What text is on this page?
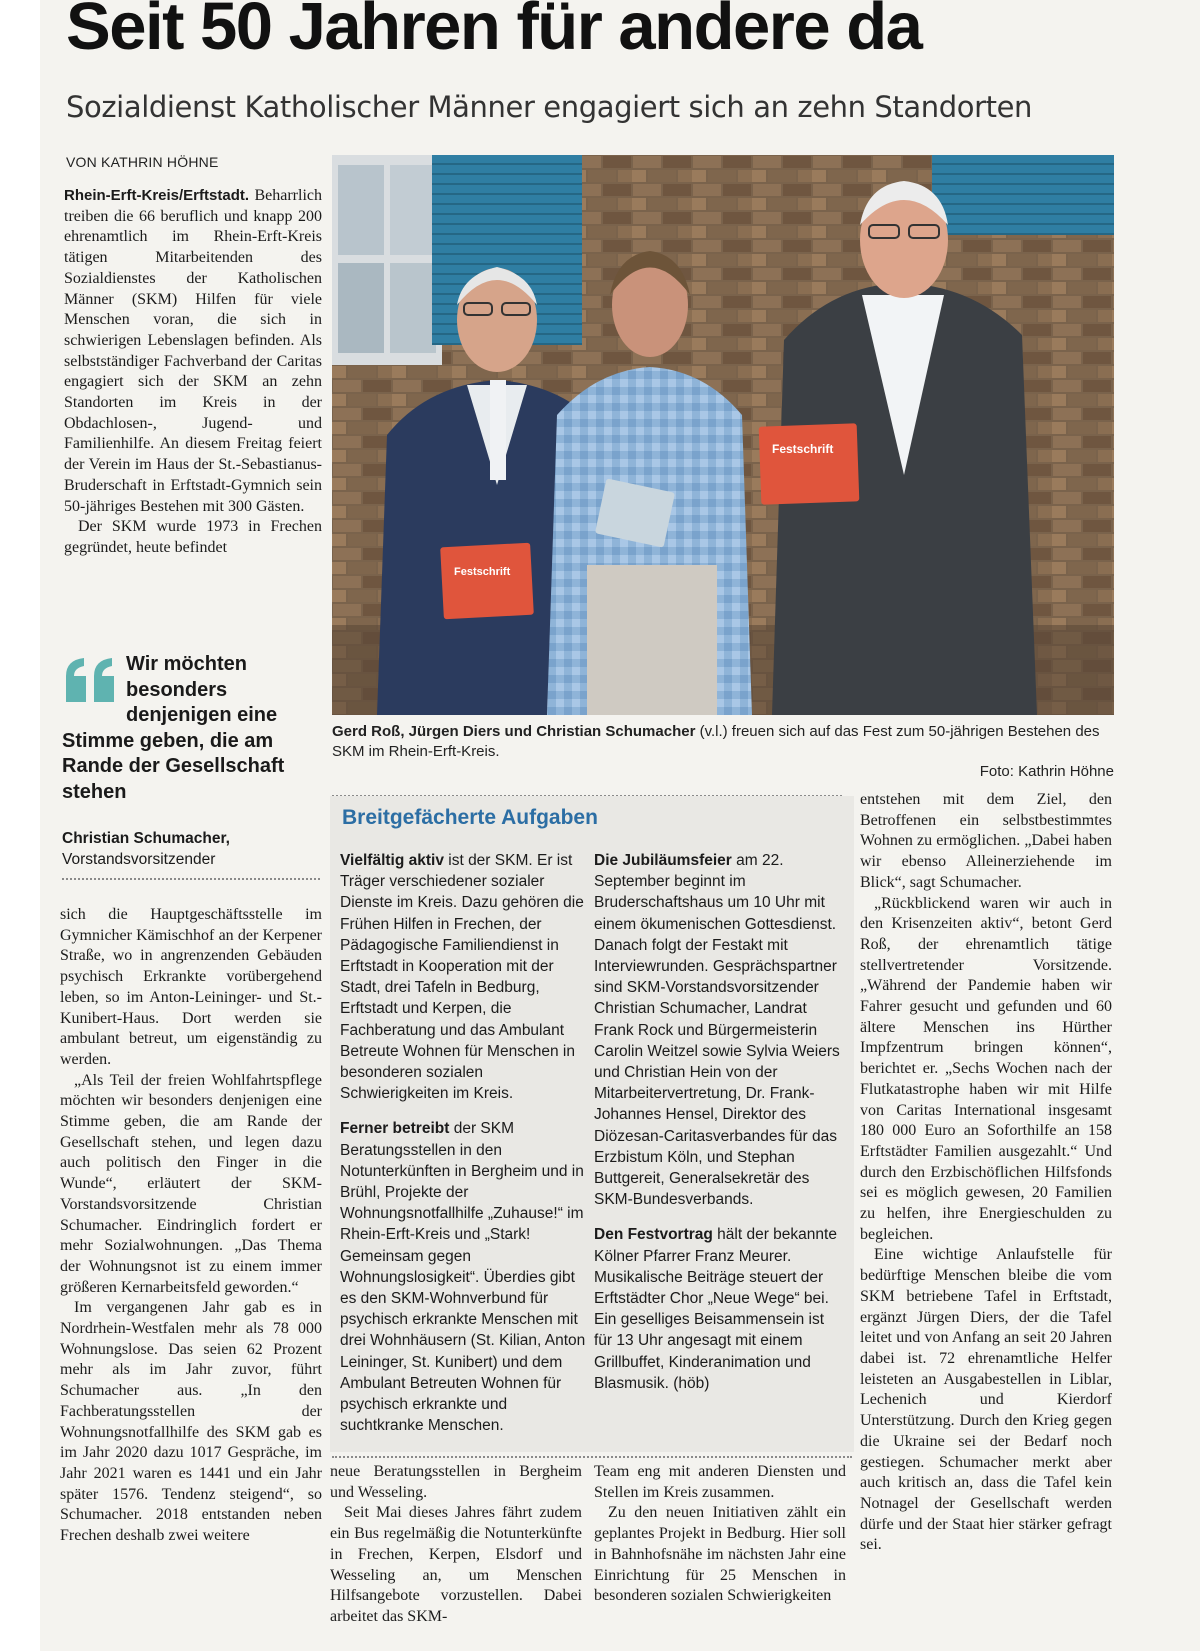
Seit 50 Jahren für andere da
Sozialdienst Katholischer Männer engagiert sich an zehn Standorten
VON KATHRIN HÖHNE

Rhein-Erft-Kreis/Erftstadt. Beharrlich treiben die 66 beruflich und knapp 200 ehrenamtlich im Rhein-Erft-Kreis tätigen Mitarbeitenden des Sozialdienstes der Katholischen Männer (SKM) Hilfen für viele Menschen voran, die sich in schwierigen Lebenslagen befinden. Als selbstständiger Fachverband der Caritas engagiert sich der SKM an zehn Standorten im Kreis in der Obdachlosen-, Jugend- und Familienhilfe. An diesem Freitag feiert der Verein im Haus der St.-Sebastianus-Bruderschaft in Erftstadt-Gymnich sein 50-jähriges Bestehen mit 300 Gästen.

Der SKM wurde 1973 in Frechen gegründet, heute befindet

Festschrift
Festschrift
Gerd Roß, Jürgen Diers und Christian Schumacher (v.l.) freuen sich auf das Fest zum 50-jährigen Bestehen des SKM im Rhein-Erft-Kreis.
Foto: Kathrin Höhne
Wir möchten besonders denjenigen eine Stimme geben, die am Rande der Gesellschaft stehen
Christian Schumacher,
Vorstandsvorsitzender

sich die Hauptgeschäftsstelle im Gymnicher Kämischhof an der Kerpener Straße, wo in angrenzenden Gebäuden psychisch Erkrankte vorübergehend leben, so im Anton-Leininger- und St.-Kunibert-Haus. Dort werden sie ambulant betreut, um eigenständig zu werden.

„Als Teil der freien Wohlfahrtspflege möchten wir besonders denjenigen eine Stimme geben, die am Rande der Gesellschaft stehen, und legen dazu auch politisch den Finger in die Wunde“, erläutert der SKM-Vorstandsvorsitzende Christian Schumacher. Eindringlich fordert er mehr Sozialwohnungen. „Das Thema der Wohnungsnot ist zu einem immer größeren Kernarbeitsfeld geworden.“

Im vergangenen Jahr gab es in Nordrhein-Westfalen mehr als 78 000 Wohnungslose. Das seien 62 Prozent mehr als im Jahr zuvor, führt Schumacher aus. „In den Fachberatungsstellen der Wohnungsnotfallhilfe des SKM gab es im Jahr 2020 dazu 1017 Gespräche, im Jahr 2021 waren es 1441 und ein Jahr später 1576. Tendenz steigend“, so Schumacher. 2018 entstanden neben Frechen deshalb zwei weitere

Breitgefächerte Aufgaben

Vielfältig aktiv ist der SKM. Er ist Träger verschiedener sozialer Dienste im Kreis. Dazu gehören die Frühen Hilfen in Frechen, der Pädagogische Familiendienst in Erftstadt in Kooperation mit der Stadt, drei Tafeln in Bedburg, Erftstadt und Kerpen, die Fachberatung und das Ambulant Betreute Wohnen für Menschen in besonderen sozialen Schwierigkeiten im Kreis.

Ferner betreibt der SKM Beratungsstellen in den Notunterkünften in Bergheim und in Brühl, Projekte der Wohnungsnotfallhilfe „Zuhause!“ im Rhein-Erft-Kreis und „Stark! Gemeinsam gegen Wohnungslosigkeit“. Überdies gibt es den SKM-Wohnverbund für psychisch erkrankte Menschen mit drei Wohnhäusern (St. Kilian, Anton Leininger, St. Kunibert) und dem Ambulant Betreuten Wohnen für psychisch erkrankte und suchtkranke Menschen.

Die Jubiläumsfeier am 22. September beginnt im Bruderschaftshaus um 10 Uhr mit einem ökumenischen Gottesdienst. Danach folgt der Festakt mit Interviewrunden. Gesprächspartner sind SKM-Vorstandsvorsitzender Christian Schumacher, Landrat Frank Rock und Bürgermeisterin Carolin Weitzel sowie Sylvia Weiers und Christian Hein von der Mitarbeitervertretung, Dr. Frank-Johannes Hensel, Direktor des Diözesan-Caritasverbandes für das Erzbistum Köln, und Stephan Buttgereit, Generalsekretär des SKM-Bundesverbands.

Den Festvortrag hält der bekannte Kölner Pfarrer Franz Meurer. Musikalische Beiträge steuert der Erftstädter Chor „Neue Wege“ bei. Ein geselliges Beisammensein ist für 13 Uhr angesagt mit einem Grillbuffet, Kinderanimation und Blasmusik. (höb)

neue Beratungsstellen in Bergheim und Wesseling.

Seit Mai dieses Jahres fährt zudem ein Bus regelmäßig die Notunterkünfte in Frechen, Kerpen, Elsdorf und Wesseling an, um Menschen Hilfsangebote vorzustellen. Dabei arbeitet das SKM-

Team eng mit anderen Diensten und Stellen im Kreis zusammen.

Zu den neuen Initiativen zählt ein geplantes Projekt in Bedburg. Hier soll in Bahnhofsnähe im nächsten Jahr eine Einrichtung für 25 Menschen in besonderen sozialen Schwierigkeiten

entstehen mit dem Ziel, den Betroffenen ein selbstbestimmtes Wohnen zu ermöglichen. „Dabei haben wir ebenso Alleinerziehende im Blick“, sagt Schumacher.

„Rückblickend waren wir auch in den Krisenzeiten aktiv“, betont Gerd Roß, der ehrenamtlich tätige stellvertretender Vorsitzende. „Während der Pandemie haben wir Fahrer gesucht und gefunden und 60 ältere Menschen ins Hürther Impfzentrum bringen können“, berichtet er. „Sechs Wochen nach der Flutkatastrophe haben wir mit Hilfe von Caritas International insgesamt 180 000 Euro an Soforthilfe an 158 Erftstädter Familien ausgezahlt.“ Und durch den Erzbischöflichen Hilfsfonds sei es möglich gewesen, 20 Familien zu helfen, ihre Energieschulden zu begleichen.

Eine wichtige Anlaufstelle für bedürftige Menschen bleibe die vom SKM betriebene Tafel in Erftstadt, ergänzt Jürgen Diers, der die Tafel leitet und von Anfang an seit 20 Jahren dabei ist. 72 ehrenamtliche Helfer leisteten an Ausgabestellen in Liblar, Lechenich und Kierdorf Unterstützung. Durch den Krieg gegen die Ukraine sei der Bedarf noch gestiegen. Schumacher merkt aber auch kritisch an, dass die Tafel kein Notnagel der Gesellschaft werden dürfe und der Staat hier stärker gefragt sei.
